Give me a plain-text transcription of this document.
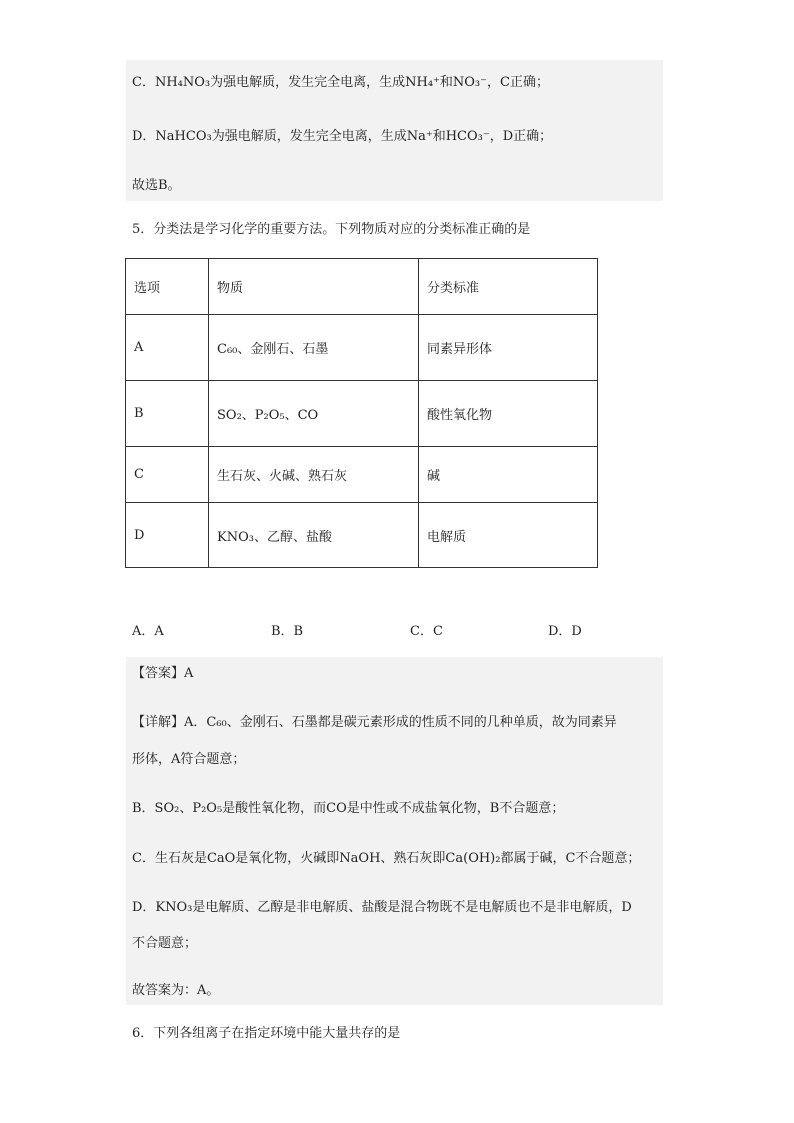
C．NH₄NO₃为强电解质，发生完全电离，生成NH₄⁺和NO₃⁻，C正确；
D．NaHCO₃为强电解质，发生完全电离，生成Na⁺和HCO₃⁻，D正确；
故选B。
5．分类法是学习化学的重要方法。下列物质对应的分类标准正确的是
选项	物质	分类标准
A	C₆₀、金刚石、石墨	同素异形体
B	SO₂、P₂O₅、CO	酸性氧化物
C	生石灰、火碱、熟石灰	碱
D	KNO₃、乙醇、盐酸	电解质
A．A	B．B	C．C	D．D
【答案】A
【详解】A．C₆₀、金刚石、石墨都是碳元素形成的性质不同的几种单质，故为同素异
形体，A符合题意；
B．SO₂、P₂O₅是酸性氧化物，而CO是中性或不成盐氧化物，B不合题意；
C．生石灰是CaO是氧化物，火碱即NaOH、熟石灰即Ca(OH)₂都属于碱，C不合题意；
D．KNO₃是电解质、乙醇是非电解质、盐酸是混合物既不是电解质也不是非电解质，D
不合题意；
故答案为：A。
6．下列各组离子在指定环境中能大量共存的是
